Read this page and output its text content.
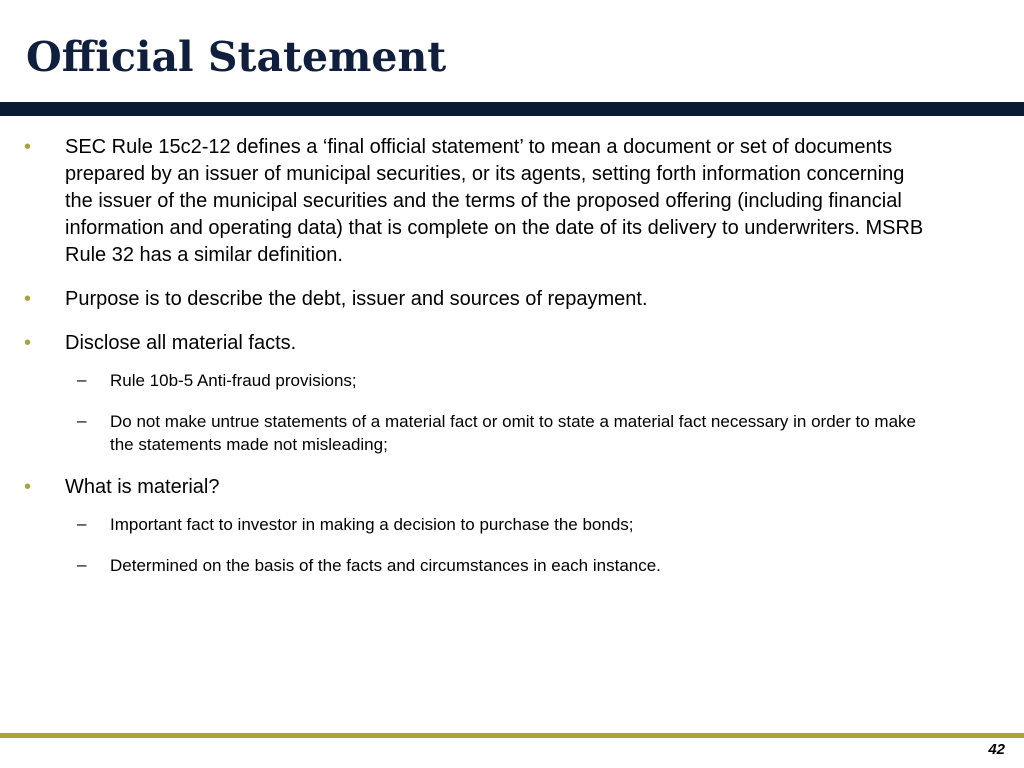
Official Statement
• SEC Rule 15c2-12 defines a ‘final official statement’ to mean a document or set of documents prepared by an issuer of municipal securities, or its agents, setting forth information concerning the issuer of the municipal securities and the terms of the proposed offering (including financial information and operating data) that is complete on the date of its delivery to underwriters. MSRB Rule 32 has a similar definition.
• Purpose is to describe the debt, issuer and sources of repayment.
• Disclose all material facts.
– Rule 10b-5 Anti-fraud provisions;
– Do not make untrue statements of a material fact or omit to state a material fact necessary in order to make the statements made not misleading;
• What is material?
– Important fact to investor in making a decision to purchase the bonds;
– Determined on the basis of the facts and circumstances in each instance.
42
